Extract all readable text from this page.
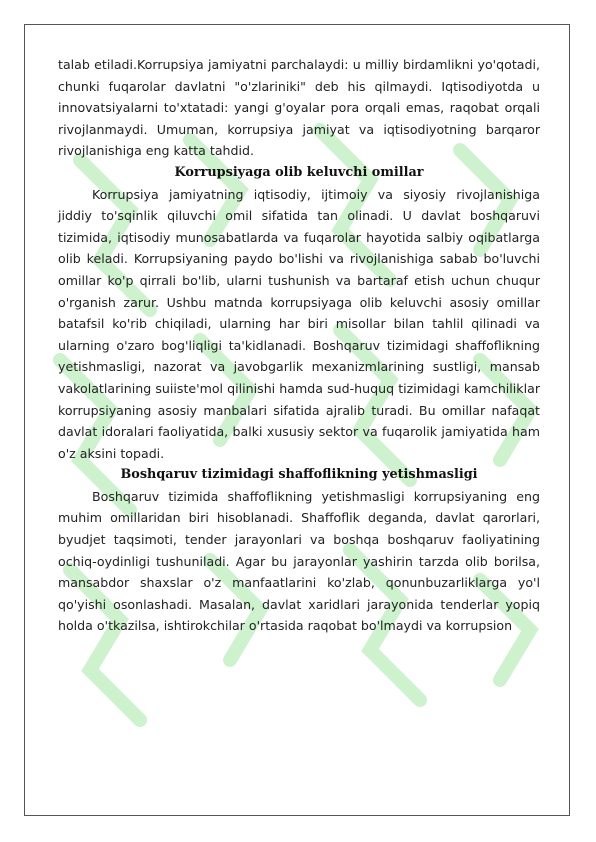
talab etiladi.Korrupsiya jamiyatni parchalaydi: u milliy birdamlikni yo'qotadi, chunki fuqarolar davlatni "o'zlariniki" deb his qilmaydi. Iqtisodiyotda u innovatsiyalarni to'xtatadi: yangi g'oyalar pora orqali emas, raqobat orqali rivojlanmaydi. Umuman, korrupsiya jamiyat va iqtisodiyotning barqaror rivojlanishiga eng katta tahdid.

Korrupsiyaga olib keluvchi omillar

Korrupsiya jamiyatning iqtisodiy, ijtimoiy va siyosiy rivojlanishiga jiddiy to'sqinlik qiluvchi omil sifatida tan olinadi. U davlat boshqaruvi tizimida, iqtisodiy munosabatlarda va fuqarolar hayotida salbiy oqibatlarga olib keladi. Korrupsiyaning paydo bo'lishi va rivojlanishiga sabab bo'luvchi omillar ko'p qirrali bo'lib, ularni tushunish va bartaraf etish uchun chuqur o'rganish zarur. Ushbu matnda korrupsiyaga olib keluvchi asosiy omillar batafsil ko'rib chiqiladi, ularning har biri misollar bilan tahlil qilinadi va ularning o'zaro bog'liqligi ta'kidlanadi. Boshqaruv tizimidagi shaffoflikning yetishmasligi, nazorat va javobgarlik mexanizmlarining sustligi, mansab vakolatlarining suiiste'mol qilinishi hamda sud-huquq tizimidagi kamchiliklar korrupsiyaning asosiy manbalari sifatida ajralib turadi. Bu omillar nafaqat davlat idoralari faoliyatida, balki xususiy sektor va fuqarolik jamiyatida ham o'z aksini topadi.

Boshqaruv tizimidagi shaffoflikning yetishmasligi

Boshqaruv tizimida shaffoflikning yetishmasligi korrupsiyaning eng muhim omillaridan biri hisoblanadi. Shaffoflik deganda, davlat qarorlari, byudjet taqsimoti, tender jarayonlari va boshqa boshqaruv faoliyatining ochiq-oydinligi tushuniladi. Agar bu jarayonlar yashirin tarzda olib borilsa, mansabdor shaxslar o'z manfaatlarini ko'zlab, qonunbuzarliklarga yo'l qo'yishi osonlashadi. Masalan, davlat xaridlari jarayonida tenderlar yopiq holda o'tkazilsa, ishtirokchilar o'rtasida raqobat bo'lmaydi va korrupsion
